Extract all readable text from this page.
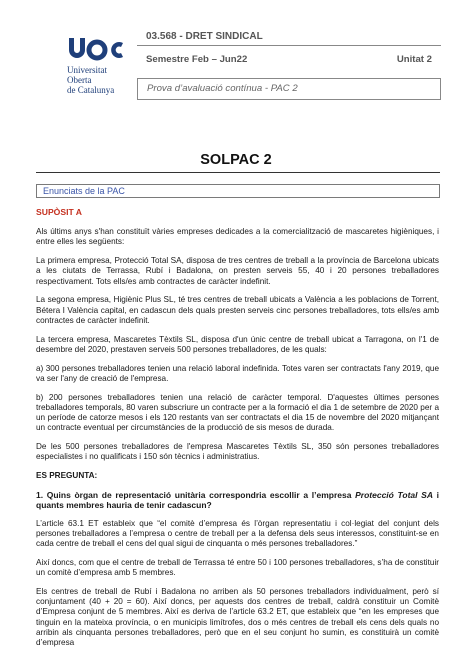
Universitat
Oberta
de Catalunya
03.568 - DRET SINDICAL
Semestre Feb – Jun22	Unitat 2
Prova d’avaluació contínua - PAC 2
SOLPAC 2
Enunciats de la PAC
SUPÒSIT A

Als últims anys s'han constituït vàries empreses dedicades a la comercialització de mascaretes higièniques, i entre elles les següents:

La primera empresa, Protecció Total SA, disposa de tres centres de treball a la província de Barcelona ubicats a les ciutats de Terrassa, Rubí i Badalona, on presten serveis 55, 40 i 20 persones treballadores respectivament. Tots ells/es amb contractes de caràcter indefinit.

La segona empresa, Higiènic Plus SL, té tres centres de treball ubicats a València a les poblacions de Torrent, Bétera I València capital, en cadascun dels quals presten serveis cinc persones treballadores, tots ells/es amb contractes de caràcter indefinit.

La tercera empresa, Mascaretes Tèxtils SL, disposa d'un únic centre de treball ubicat a Tarragona, on l'1 de desembre del 2020, prestaven serveis 500 persones treballadores, de les quals:

a) 300 persones treballadores tenien una relació laboral indefinida. Totes varen ser contractats l'any 2019, que va ser l'any de creació de l'empresa.

b) 200 persones treballadores tenien una relació de caràcter temporal. D'aquestes últimes persones treballadores temporals, 80 varen subscriure un contracte per a la formació el dia 1 de setembre de 2020 per a un període de catorze mesos i els 120 restants van ser contractats el dia 15 de novembre del 2020 mitjançant un contracte eventual per circumstàncies de la producció de sis mesos de durada.

De les 500 persones treballadores de l'empresa Mascaretes Tèxtils SL, 350 són persones treballadores especialistes i no qualificats i 150 són tècnics i administratius.

ES PREGUNTA:

1. Quins òrgan de representació unitària correspondria escollir a l’empresa Protecció Total SA i quants membres hauria de tenir cadascun?

L’article 63.1 ET estableix que “el comitè d’empresa és l’òrgan representatiu i col·legiat del conjunt dels persones treballadores a l’empresa o centre de treball per a la defensa dels seus interessos, constituint-se en cada centre de treball el cens del qual sigui de cinquanta o més persones treballadores.”

Així doncs, com que el centre de treball de Terrassa té entre 50 i 100 persones treballadores, s’ha de constituir un comitè d’empresa amb 5 membres.

Els centres de treball de Rubí i Badalona no arriben als 50 persones treballadors individualment, però sí conjuntament (40 + 20 = 60). Així doncs, per aquests dos centres de treball, caldrà constituir un Comitè d’Empresa conjunt de 5 membres. Així es deriva de l’article 63.2 ET, que estableix que “en les empreses que tinguin en la mateixa província, o en municipis limítrofes, dos o més centres de treball els cens dels quals no arribin als cinquanta persones treballadores, però que en el seu conjunt ho sumin, es constituirà un comitè d’empresa
